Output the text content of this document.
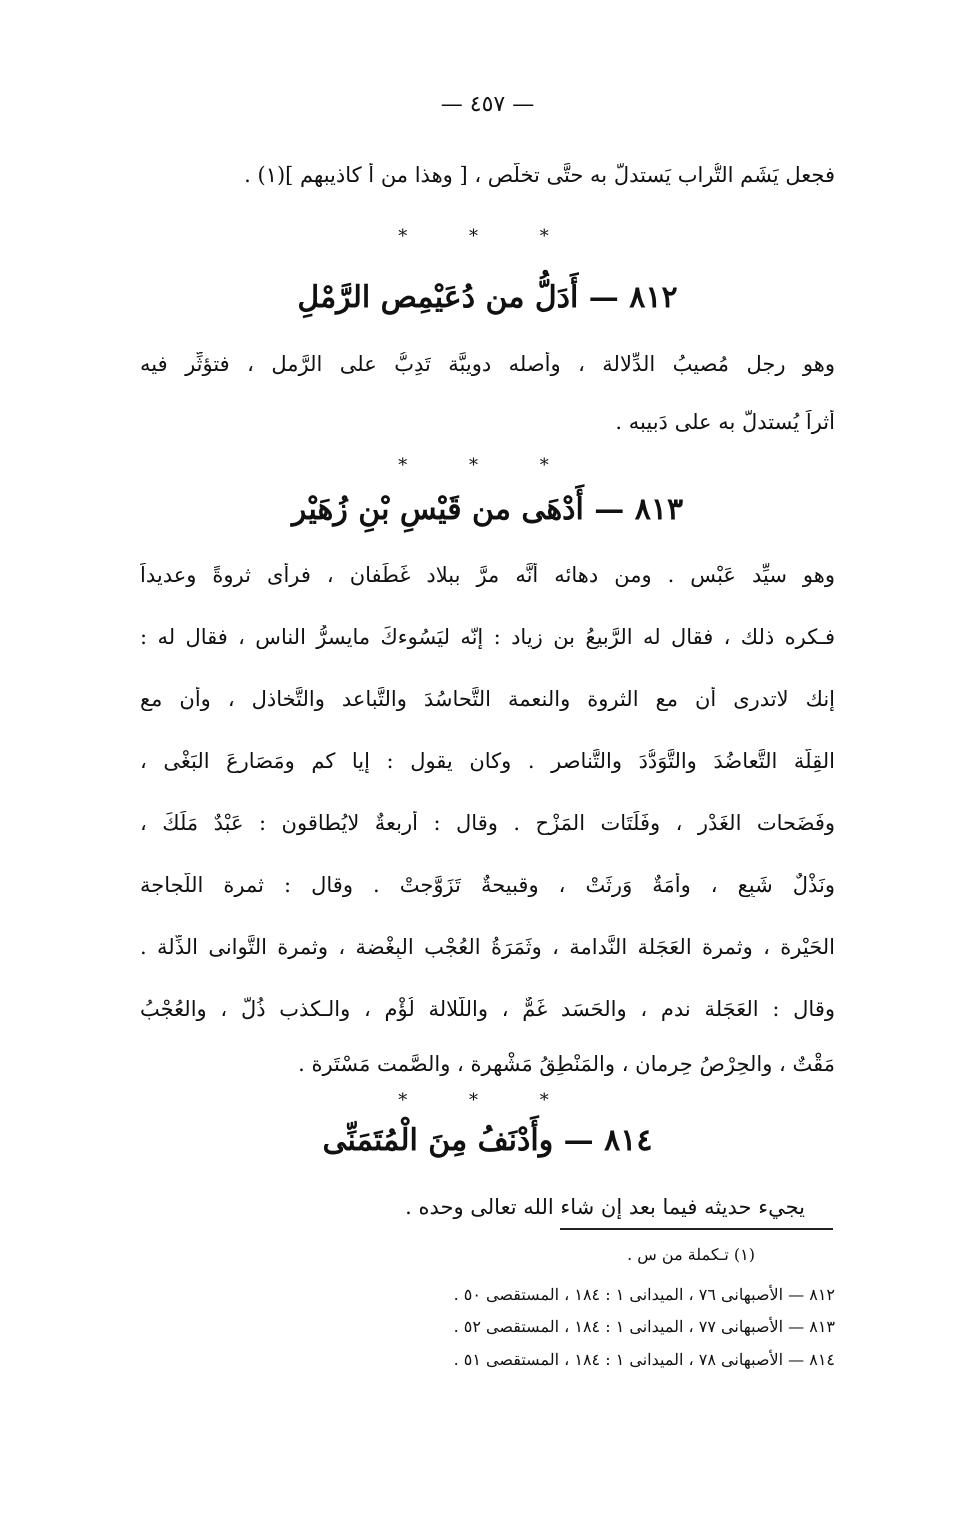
— ٤٥٧ —
فجعل يَشَم التُّراب يَستدلُّ به حتَّى تخلّص ، [ وهذا من أ كاذيبهم ](١) .
* * *
٨١٢ — أَدَلُّ من دُعَيْمِص الرَّمْلِ
وهو رجل مُصيبُ الدِّلالة ، وأصله دويبَّة تَدِبُّ على الرَّمل ، فتؤثِّر فيه
أثراً يُستدلُّ به على دَبيبه .
* * *
٨١٣ — أَدْهَى من قَيْسِ بْنِ زُهَيْر
وهو سيِّد عَبْس . ومن دهائه أنَّه مرَّ ببلاد غَطَفان ، فرأى ثروةً وعديداً
فـكره ذلك ، فقال له الرَّبيعُ بن زياد : إنّه ليَسُوءكَ مايسرُّ الناس ، فقال له :
إنك لاتدرى أن مع الثروة والنعمة التَّحاسُدَ والتَّباعد والتَّخاذل ، وأن مع
القِلَّة التَّعاضُدَ والتَّوَدُّدَ والتَّناصر . وكان يقول : إيا كم ومَصَارِعَ البَغْى ،
وفَضَحات الغَدْر ، وفَلَتَات المَزْح . وقال : أربعةٌ لايُطاقون : عَبْدٌ مَلَكَ ،
ونَذْلٌ شَبِع ، وأَمَةٌ وَرِثَتْ ، وقبيحةٌ تَزَوَّجتْ . وقال : ثمرة اللَّجاجة
الحَيْرة ، وثمرة العَجَلة النَّدامة ، وثَمَرَةُ العُجْب البِغْضة ، وثمرة التَّوانى الذِّلة .
وقال : العَجَلة ندم ، والحَسَد غَمٌّ ، واللَّلالة لُؤْم ، والـكذب ذُلٌّ ، والعُجْبُ
مَقْتٌ ، والحِرْصُ حِرمان ، والمَنْطِقُ مَشْهرة ، والصَّمت مَسْتَرة .
* * *
٨١٤ — وأَدْنَفُ مِنَ الْمُتَمَنِّى
يجيء حديثه فيما بعد إن شاء الله تعالى وحده .
(١) تـكملة من س .
٨١٢ — الأصبهانى ٧٦ ، الميدانى ١ : ١٨٤ ، المستقصى ٥٠ .
٨١٣ — الأصبهانى ٧٧ ، الميدانى ١ : ١٨٤ ، المستقصى ٥٢ .
٨١٤ — الأصبهانى ٧٨ ، الميدانى ١ : ١٨٤ ، المستقصى ٥١ .
